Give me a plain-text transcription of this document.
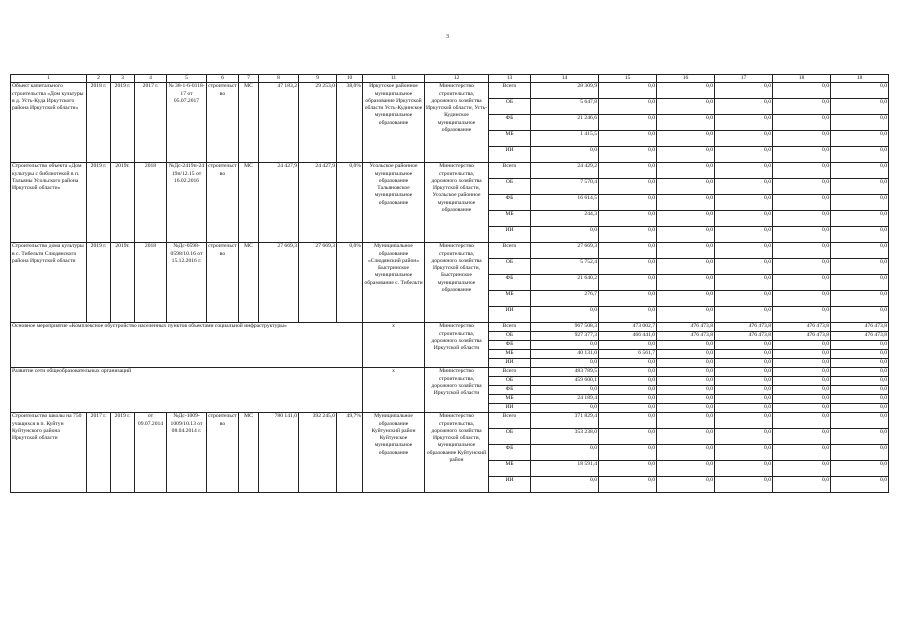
3
1	2	3	4	5	6	7	8	9	10	11	12	13	14	15	16	17	18	18
Объект капитального строительства «Дом культуры в д. Усть-Куда Иркутского района Иркутской области»	2018 г.	2019 г.	2017 г.	№ 38-1-6-0118-17 от 05.07.2017	строительство	МС	47 183,2	29 253,0	38,0%	Иркутское районное муниципальное образование Иркутской области Усть-Кудинское муниципальное образование	Министерство строительства, дорожного хозяйства Иркутской области, Усть-Кудинское муниципальное образование	Всего	28 309,9	0,0	0,0	0,0	0,0	0,0
												ОБ	5 647,8	0,0	0,0	0,0	0,0	0,0
												ФБ	21 246,6	0,0	0,0	0,0	0,0	0,0
												МБ	1 415,5	0,0	0,0	0,0	0,0	0,0
												ИИ	0,0	0,0	0,0	0,0	0,0	0,0
Строительство объекта «Дом культуры с библиотекой в п. Тальяны Усольского района Иркутской области»	2019 г.	2019г.	2018	№Дс-2419п-2419п/12.15 от 16.02.2016	строительство	МС	24 427,9	24 427,9	0,0%	Усольское районное муниципальное образование Тальяновское муниципальное образование	Министерство строительства, дорожного хозяйства Иркутской области, Усольское районное муниципальное образование	Всего	24 429,2	0,0	0,0	0,0	0,0	0,0
												ОБ	7 570,4	0,0	0,0	0,0	0,0	0,0
												ФБ	16 614,5	0,0	0,0	0,0	0,0	0,0
												МБ	244,3	0,0	0,0	0,0	0,0	0,0
												ИИ	0,0	0,0	0,0	0,0	0,0	0,0
Строительство дома культуры в с. Тибельти Слюдянского района Иркутской области	2019 г.	2019г.	2018	№Дс-0598-0598/10.16 от 15.12.2016 г.	строительство	МС	27 669,3	27 669,3	0,0%	Муниципальное образование «Слюдянский район» Быстринское муниципальное образование с. Тибельти	Министерство строительства, дорожного хозяйства Иркутской области, Быстринское муниципальное образование	Всего	27 669,3	0,0	0,0	0,0	0,0	0,0
												ОБ	5 752,4	0,0	0,0	0,0	0,0	0,0
												ФБ	21 640,2	0,0	0,0	0,0	0,0	0,0
												МБ	276,7	0,0	0,0	0,0	0,0	0,0
												ИИ	0,0	0,0	0,0	0,0	0,0	0,0
Основное мероприятие «Комплексное обустройство населенных пунктов объектами социальной инфраструктуры»										х	Министерство строительства, дорожного хозяйства Иркутской области	Всего	967 508,3	473 002,7	476 473,8	476 473,8	476 473,8	476 473,8
												ОБ	927 377,3	466 441,0	476 473,8	476 473,8	476 473,8	476 473,8
												ФБ	0,0	0,0	0,0	0,0	0,0	0,0
												МБ	40 131,0	6 561,7	0,0	0,0	0,0	0,0
												ИИ	0,0	0,0	0,0	0,0	0,0	0,0
Развитие сети общеобразовательных организаций										х	Министерство строительства, дорожного хозяйства Иркутской области	Всего	483 789,5	0,0	0,0	0,0	0,0	0,0
												ОБ	459 600,1	0,0	0,0	0,0	0,0	0,0
												ФБ	0,0	0,0	0,0	0,0	0,0	0,0
												МБ	24 189,4	0,0	0,0	0,0	0,0	0,0
												ИИ	0,0	0,0	0,0	0,0	0,0	0,0
Строительство школы на 750 учащихся в п. Куйтун Куйтунского района Иркутской области	2017 г.	2019 г.	от 09.07.2014	№Дс-1009-1009/10.13 от 08.04.2014 г.	строительство	МС	780 141,0	392 245,0	49,7%	Муниципальное образование Куйтунский район Куйтунское муниципальное образование	Министерство строительства, дорожного хозяйства Иркутской области, муниципальное образование Куйтунский район	Всего	371 829,4	0,0	0,0	0,0	0,0	0,0
												ОБ	353 238,0	0,0	0,0	0,0	0,0	0,0
												ФБ	0,0	0,0	0,0	0,0	0,0	0,0
												МБ	18 591,4	0,0	0,0	0,0	0,0	0,0
												ИИ	0,0	0,0	0,0	0,0	0,0	0,0
